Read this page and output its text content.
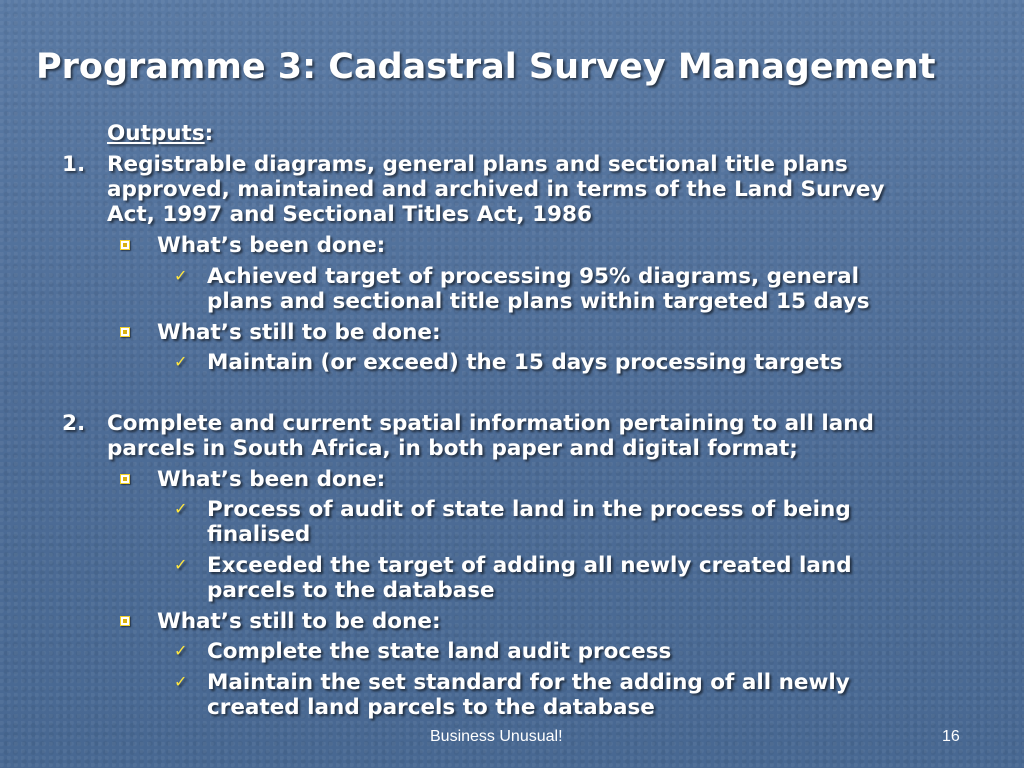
Programme 3: Cadastral Survey Management
Outputs:
1. Registrable diagrams, general plans and sectional title plans
approved, maintained and archived in terms of the Land Survey
Act, 1997 and Sectional Titles Act, 1986
What’s been done:
✓ Achieved target of processing 95% diagrams, general
plans and sectional title plans within targeted 15 days
What’s still to be done:
✓ Maintain (or exceed) the 15 days processing targets
2. Complete and current spatial information pertaining to all land
parcels in South Africa, in both paper and digital format;
What’s been done:
✓ Process of audit of state land in the process of being
finalised
✓ Exceeded the target of adding all newly created land
parcels to the database
What’s still to be done:
✓ Complete the state land audit process
✓ Maintain the set standard for the adding of all newly
created land parcels to the database
Business Unusual!	16
